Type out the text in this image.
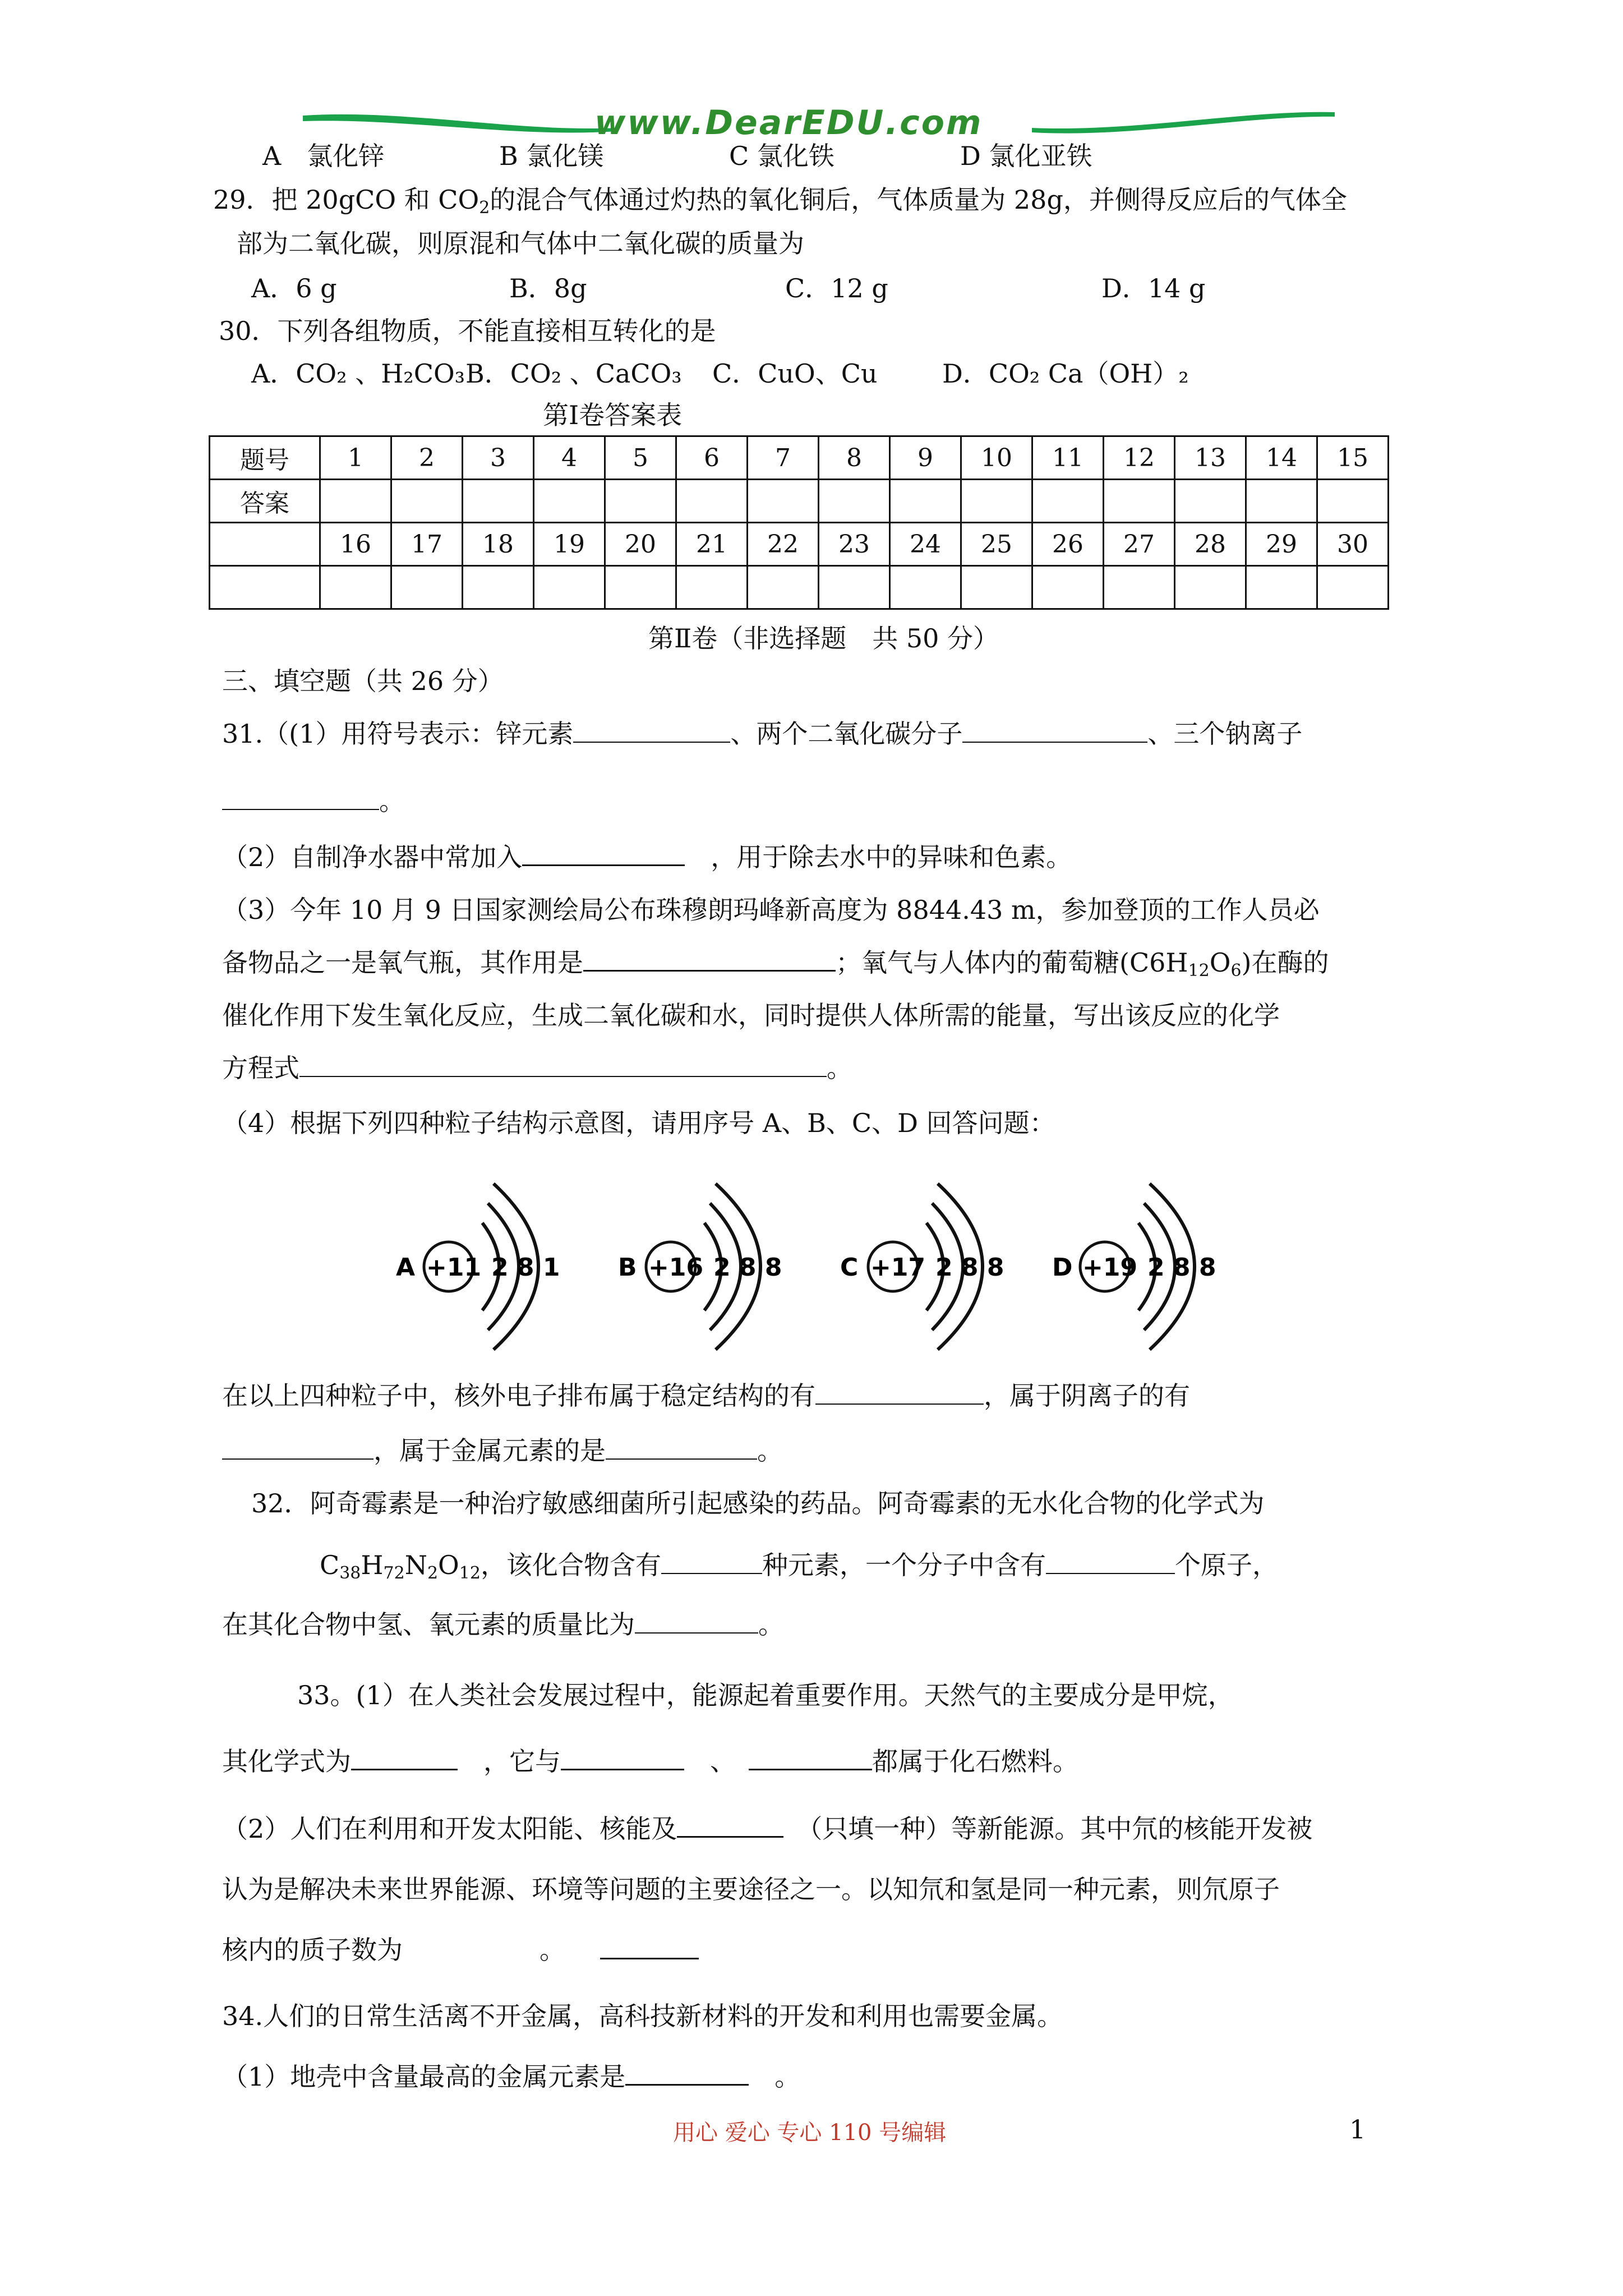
www.DearEDU.com
A　氯化锌	B 氯化镁	C 氯化铁	D 氯化亚铁
29．把 20gCO 和 $CO_2$的混合气体通过灼热的氧化铜后，气体质量为 28g，并侧得反应后的气体全
部为二氧化碳，则原混和气体中二氧化碳的质量为
A．6 g	B．8g	C．12 g	D．14 g
30．下列各组物质，不能直接相互转化的是
A．CO₂ 、H₂CO₃ B．CO₂ 、CaCO₃ C．CuO、Cu	D．CO₂ Ca（OH）₂
第Ⅰ卷答案表
题号	1	2	3	4	5	6	7	8	9	10	11	12	13	14	15
答案															
	16	17	18	19	20	21	22	23	24	25	26	27	28	29	30

第Ⅱ卷（非选择题　共 50 分）
三、填空题（共 26 分）
31.（(1）用符号表示：锌元素	、两个二氧化碳分子	、三个钠离子
。
（2）自制净水器中常加入　	，用于除去水中的异味和色素。
（3）今年 10 月 9 日国家测绘局公布珠穆朗玛峰新高度为 8844.43 m，参加登顶的工作人员必
备物品之一是氧气瓶，其作用是	；氧气与人体内的葡萄糖$(C6H_{12}O_6)$在酶的
催化作用下发生氧化反应，生成二氧化碳和水，同时提供人体所需的能量，写出该反应的化学
方程式	。
（4）根据下列四种粒子结构示意图，请用序号 A、B、C、D 回答问题：
A +11 2 8 1 B +16 2 8 8 C +17 2 8 8 D +19 2 8 8
在以上四种粒子中，核外电子排布属于稳定结构的有	，属于阴离子的有
，属于金属元素的是	。
32．阿奇霉素是一种治疗敏感细菌所引起感染的药品。阿奇霉素的无水化合物的化学式为
$C_{38}H_{72}N_2O_{12}$，该化合物含有	种元素，一个分子中含有	个原子，
在其化合物中氢、氧元素的质量比为	。
33。(1）在人类社会发展过程中，能源起着重要作用。天然气的主要成分是甲烷，
其化学式为　	，它与　	、　	都属于化石燃料。
（2）人们在利用和开发太阳能、核能及　	（只填一种）等新能源。其中氘的核能开发被
认为是解决未来世界能源、环境等问题的主要途径之一。以知氘和氢是同一种元素，则氘原子
核内的质子数为	。
34.人们的日常生活离不开金属，高科技新材料的开发和利用也需要金属。
（1）地壳中含量最高的金属元素是　	。
用心 爱心 专心 110 号编辑	1
